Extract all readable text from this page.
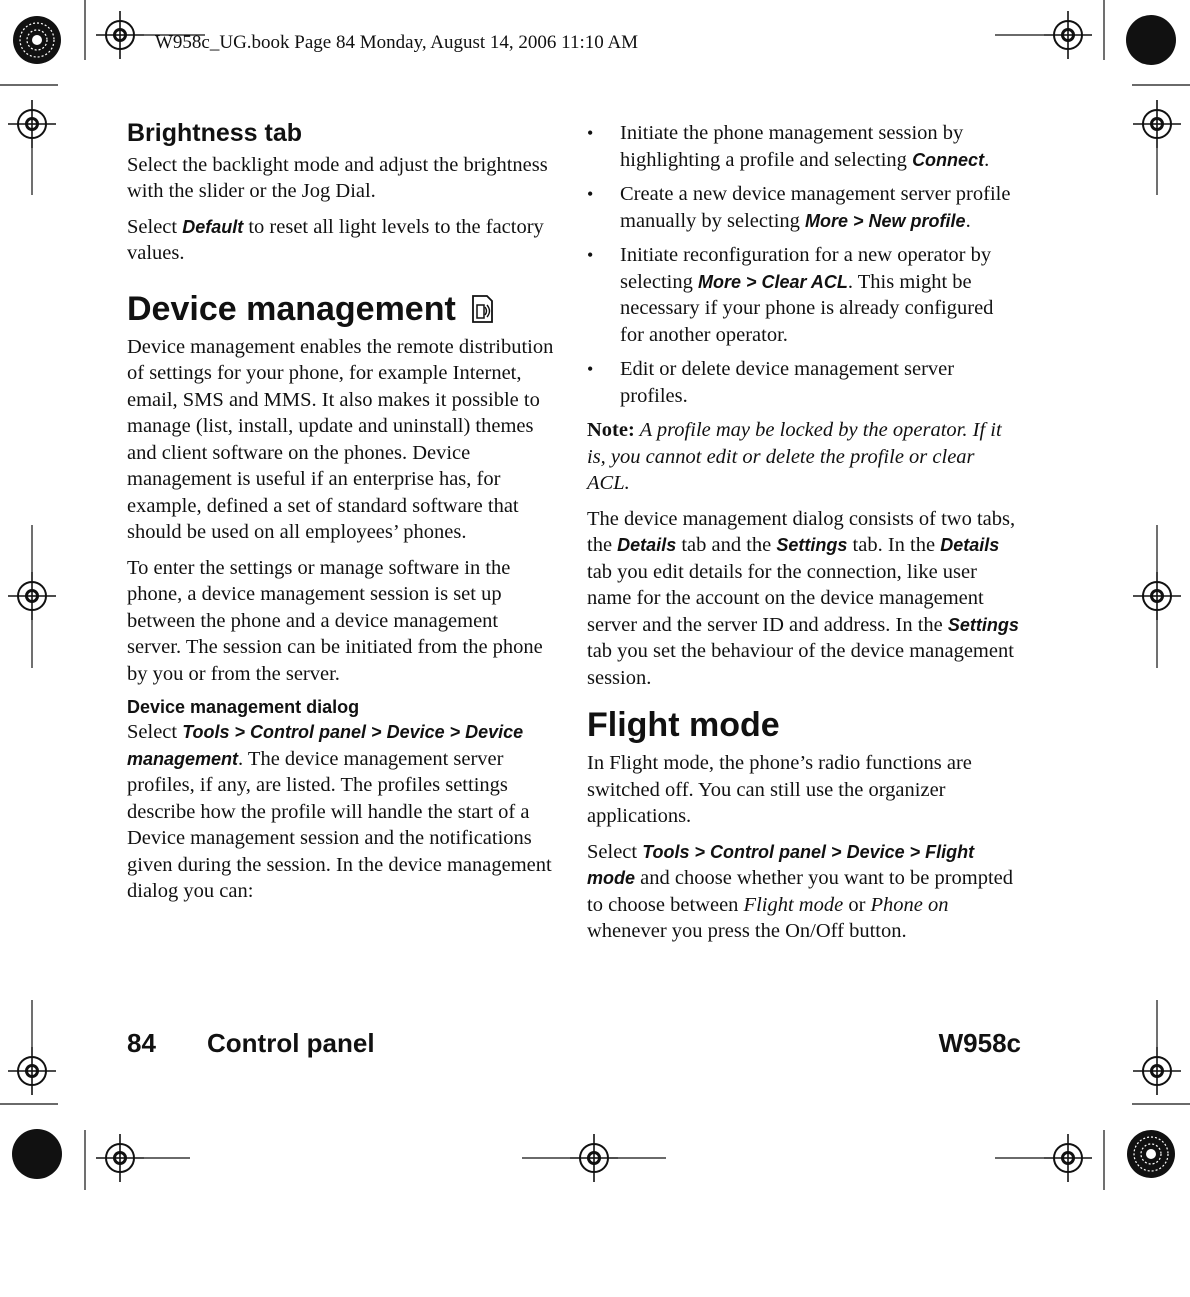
W958c_UG.book Page 84 Monday, August 14, 2006 11:10 AM
Brightness tab

Select the backlight mode and adjust the brightness with the slider or the Jog Dial.

Select Default to reset all light levels to the factory values.

Device management

Device management enables the remote distribution of settings for your phone, for example Internet, email, SMS and MMS. It also makes it possible to manage (list, install, update and uninstall) themes and client software on the phones. Device management is useful if an enterprise has, for example, defined a set of standard software that should be used on all employees’ phones.

To enter the settings or manage software in the phone, a device management session is set up between the phone and a device management server. The session can be initiated from the phone by you or from the server.

Device management dialog

Select Tools > Control panel > Device > Device management. The device management server profiles, if any, are listed. The profiles settings describe how the profile will handle the start of a Device management session and the notifications given during the session. In the device management dialog you can:

• Initiate the phone management session by highlighting a profile and selecting Connect.
• Create a new device management server profile manually by selecting More > New profile.
• Initiate reconfiguration for a new operator by selecting More > Clear ACL. This might be necessary if your phone is already configured for another operator.
• Edit or delete device management server profiles.

Note: A profile may be locked by the operator. If it is, you cannot edit or delete the profile or clear ACL.

The device management dialog consists of two tabs, the Details tab and the Settings tab. In the Details tab you edit details for the connection, like user name for the account on the device management server and the server ID and address. In the Settings tab you set the behaviour of the device management session.

Flight mode

In Flight mode, the phone’s radio functions are switched off. You can still use the organizer applications.

Select Tools > Control panel > Device > Flight mode and choose whether you want to be prompted to choose between Flight mode or Phone on whenever you press the On/Off button.

84 Control panel	W958c
